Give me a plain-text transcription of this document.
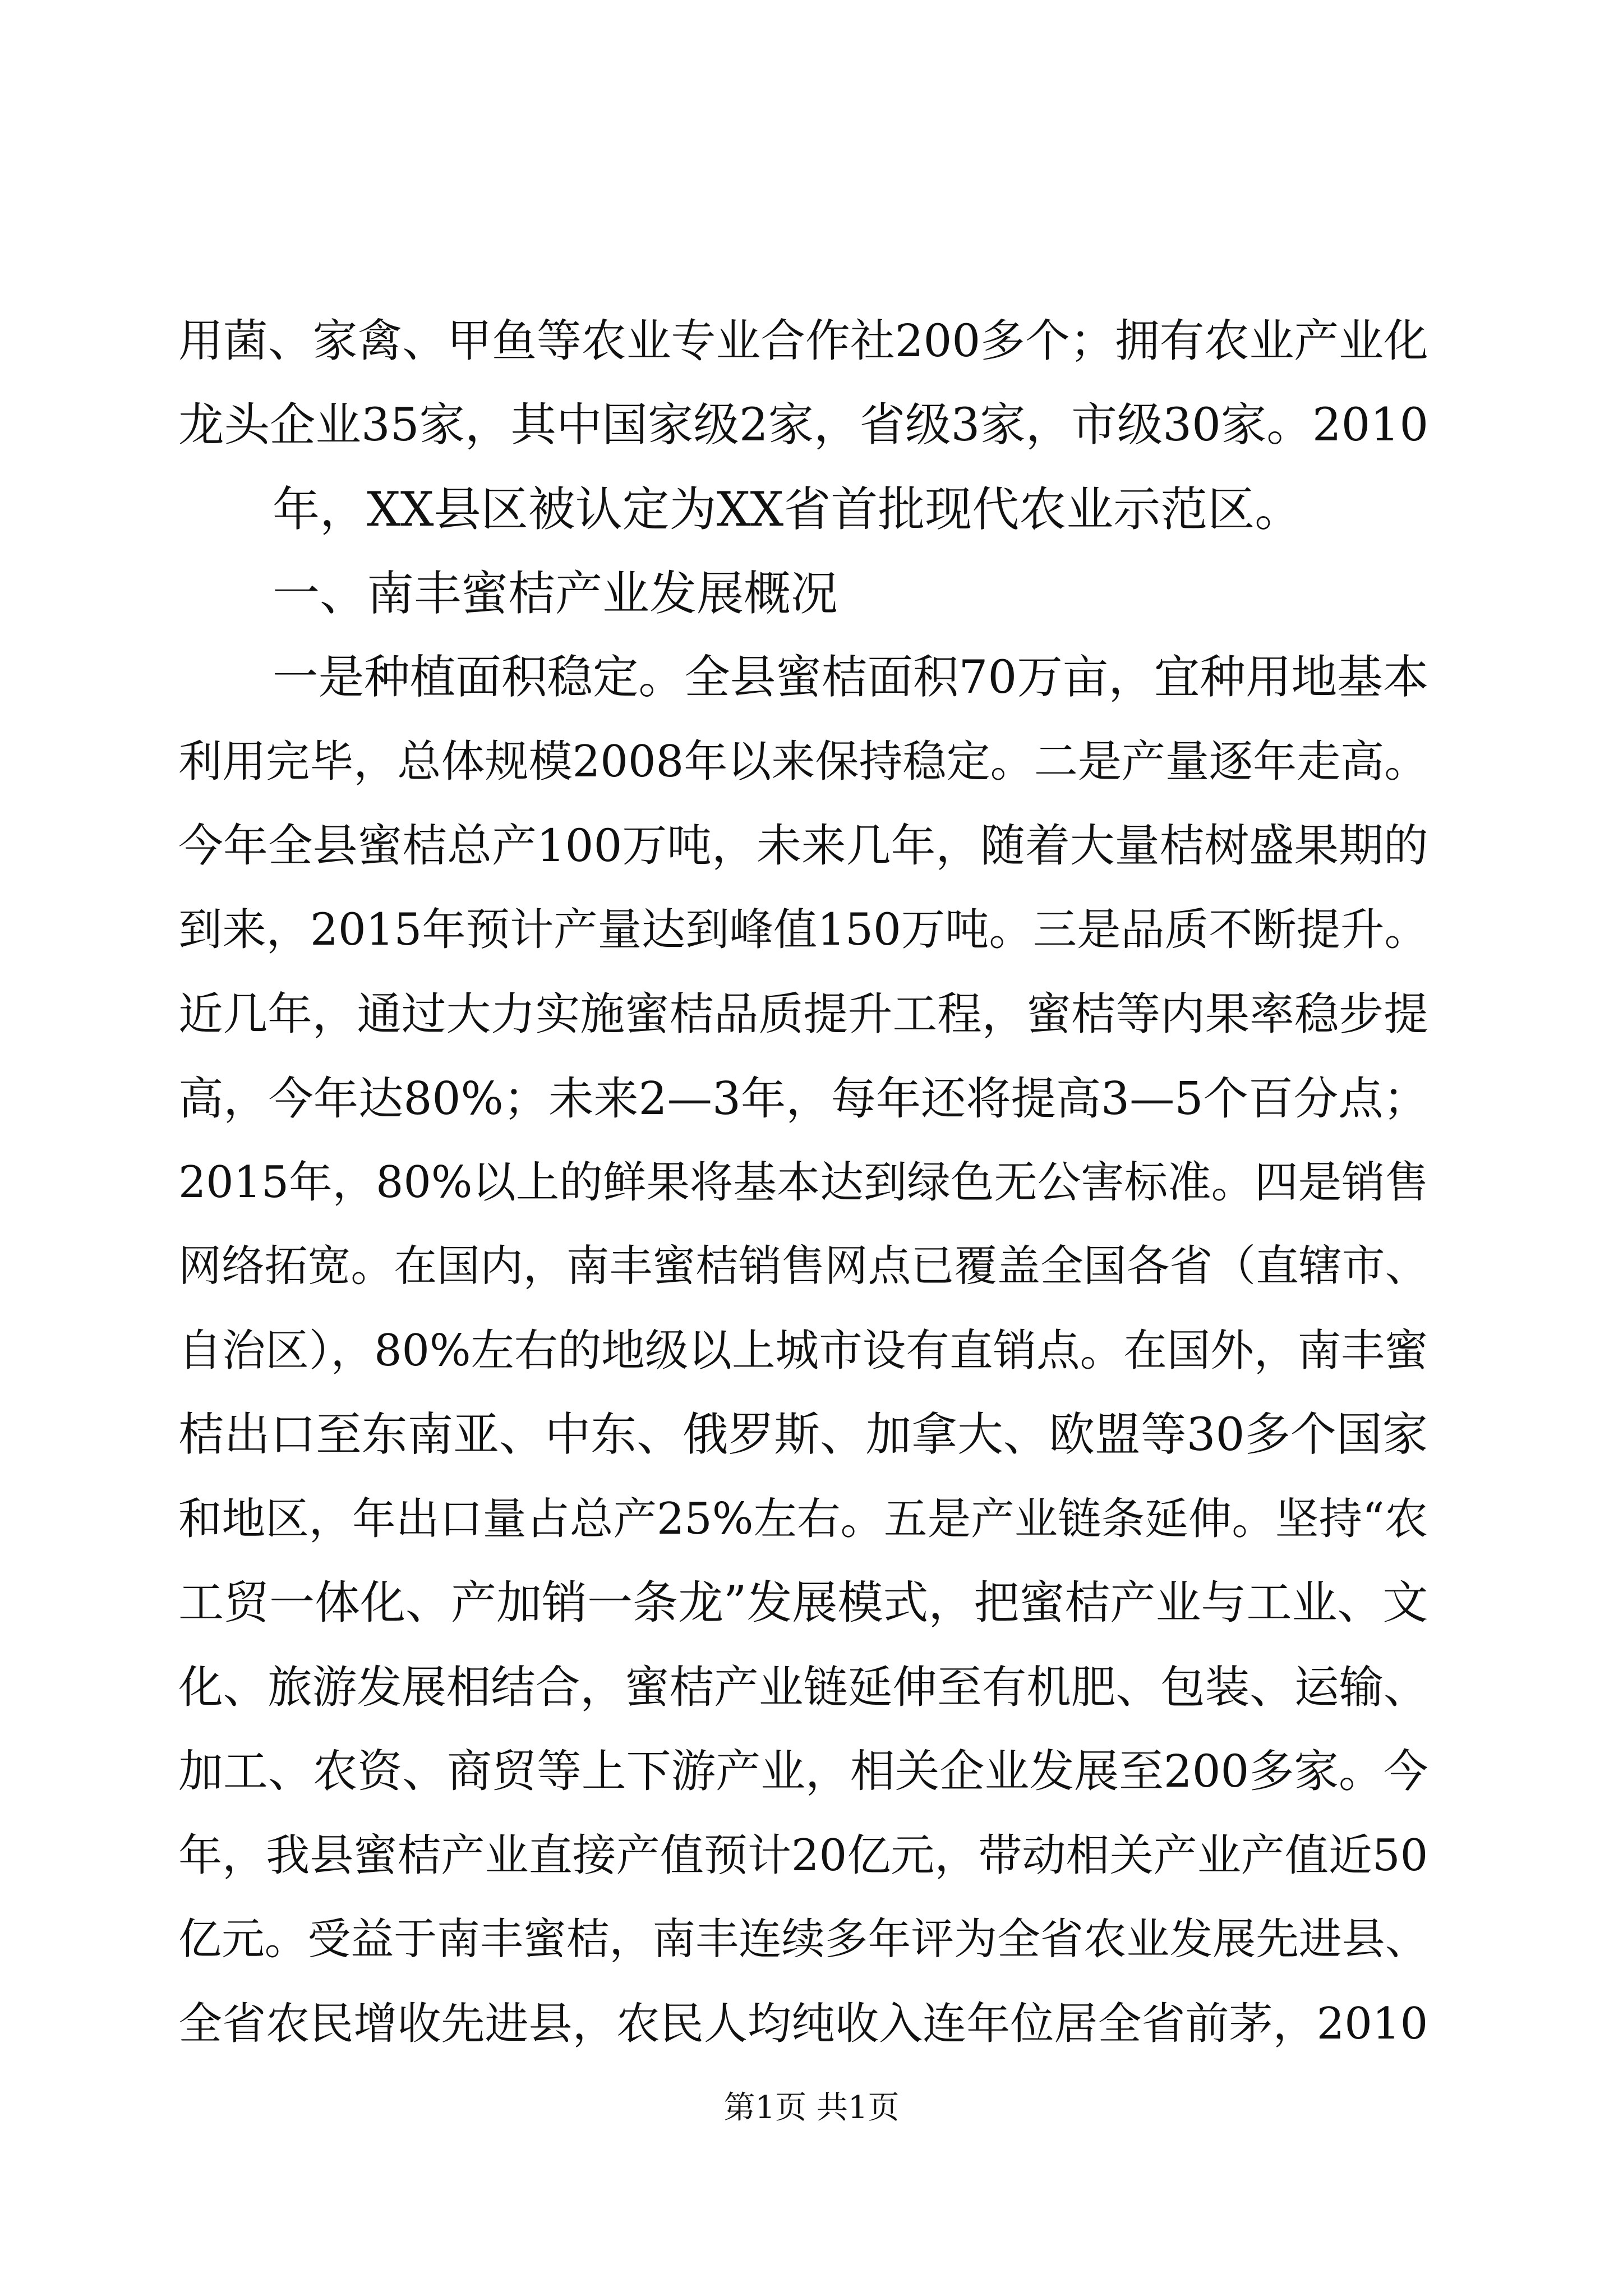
用菌、家禽、甲鱼等农业专业合作社200多个；拥有农业产业化
龙头企业35家，其中国家级2家，省级3家，市级30家。2010
年，XX县区被认定为XX省首批现代农业示范区。
一、南丰蜜桔产业发展概况
一是种植面积稳定。全县蜜桔面积70万亩，宜种用地基本
利用完毕，总体规模2008年以来保持稳定。二是产量逐年走高。
今年全县蜜桔总产100万吨，未来几年，随着大量桔树盛果期的
到来，2015年预计产量达到峰值150万吨。三是品质不断提升。
近几年，通过大力实施蜜桔品质提升工程，蜜桔等内果率稳步提
高，今年达80%；未来2—3年，每年还将提高3—5个百分点；
2015年，80%以上的鲜果将基本达到绿色无公害标准。四是销售
网络拓宽。在国内，南丰蜜桔销售网点已覆盖全国各省（直辖市、
自治区），80%左右的地级以上城市设有直销点。在国外，南丰蜜
桔出口至东南亚、中东、俄罗斯、加拿大、欧盟等30多个国家
和地区，年出口量占总产25%左右。五是产业链条延伸。坚持“农
工贸一体化、产加销一条龙”发展模式，把蜜桔产业与工业、文
化、旅游发展相结合，蜜桔产业链延伸至有机肥、包装、运输、
加工、农资、商贸等上下游产业，相关企业发展至200多家。今
年，我县蜜桔产业直接产值预计20亿元，带动相关产业产值近50
亿元。受益于南丰蜜桔，南丰连续多年评为全省农业发展先进县、
全省农民增收先进县，农民人均纯收入连年位居全省前茅，2010
第1页 共1页
